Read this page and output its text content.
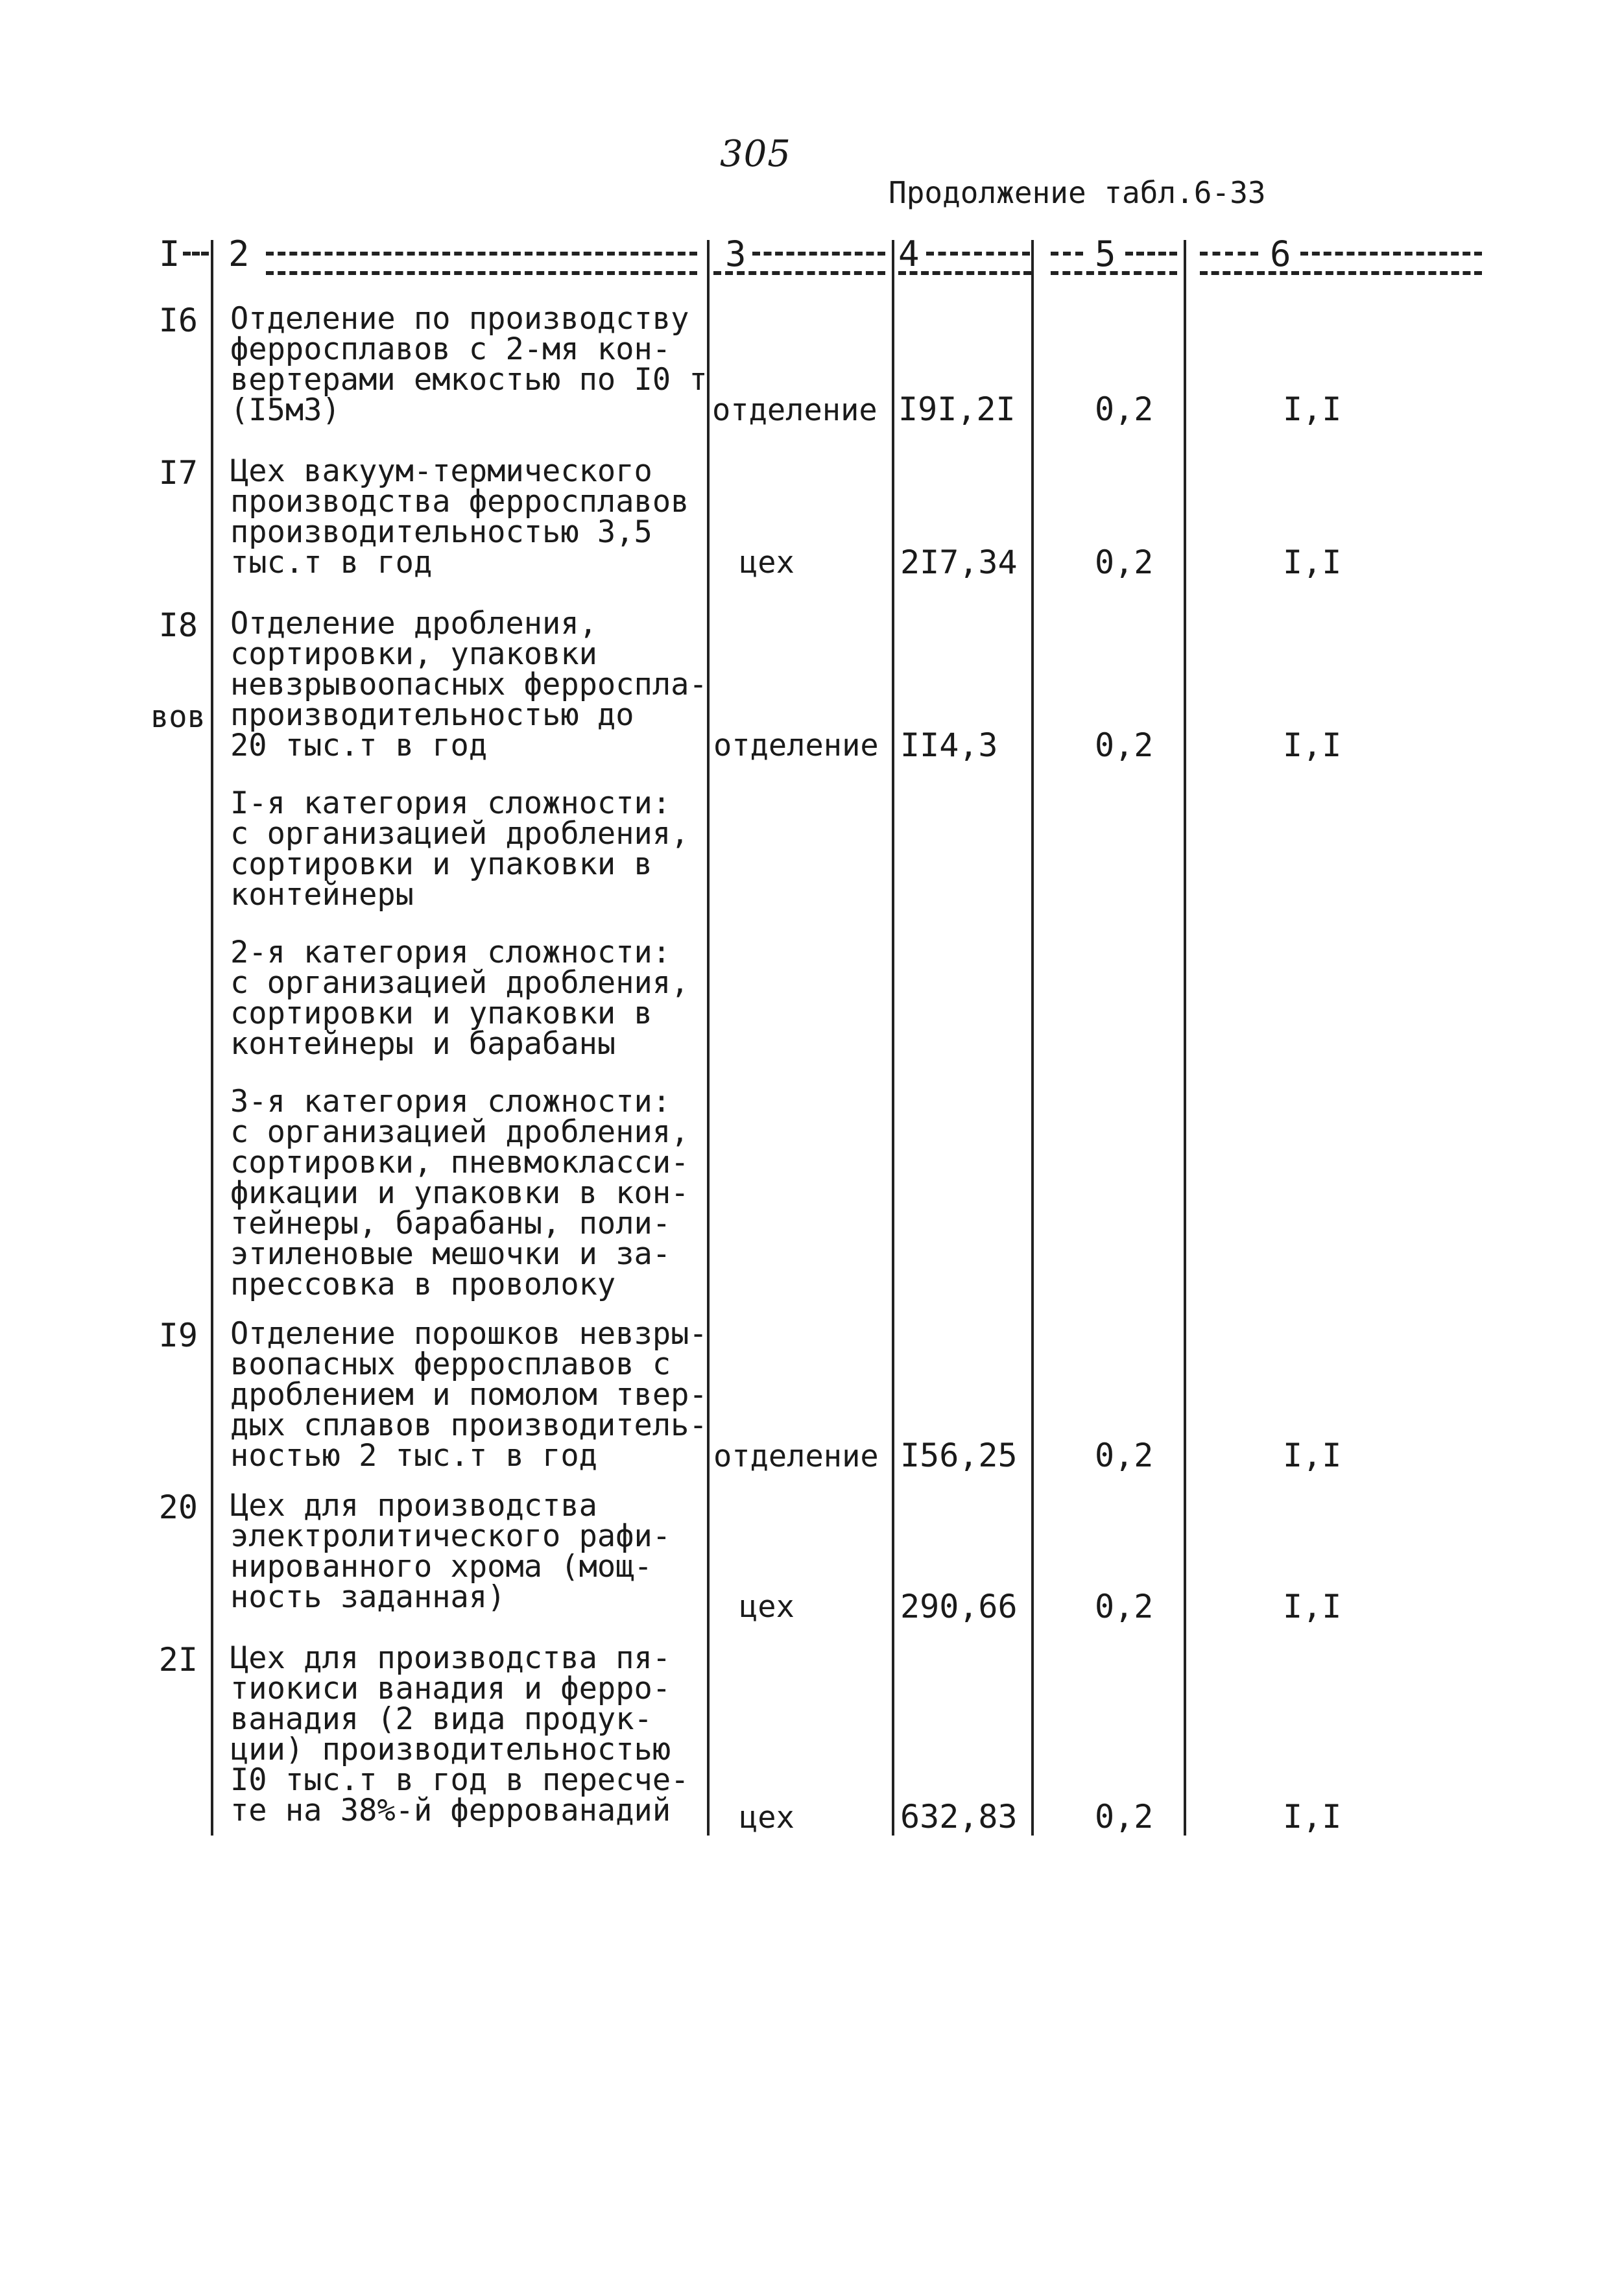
305
Продолжение табл.6-33
I 2	3	4	5	6
I6 Отделение по производству
ферросплавов с 2-мя кон-
вертерами емкостью по I0 т
(I5м3)	отделение I9I,2I 0,2	I,I
I7 Цех вакуум-термического
производства ферросплавов
производительностью 3,5
тыс.т в год	цех	2I7,34 0,2	I,I
I8 Отделение дробления,
сортировки, упаковки
невзрывоопасных ферроспла-
производительностью до
20 тыс.т в год
вов
отделение II4,3	0,2	I,I
I-я категория сложности:
с организацией дробления,
сортировки и упаковки в
контейнеры
2-я категория сложности:
с организацией дробления,
сортировки и упаковки в
контейнеры и барабаны
3-я категория сложности:
с организацией дробления,
сортировки, пневмокласси-
фикации и упаковки в кон-
тейнеры, барабаны, поли-
этиленовые мешочки и за-
прессовка в проволоку
I9 Отделение порошков невзры-
воопасных ферросплавов с
дроблением и помолом твер-
дых сплавов производитель-
ностью 2 тыс.т в год	отделение I56,25 0,2	I,I
20 Цех для производства
электролитического рафи-
нированного хрома (мощ-
ность заданная)	цех	290,66 0,2	I,I
2I Цех для производства пя-
тиокиси ванадия и ферро-
ванадия (2 вида продук-
ции) производительностью
I0 тыс.т в год в пересче-
те на 38%-й феррованадий	цех	632,83 0,2	I,I
